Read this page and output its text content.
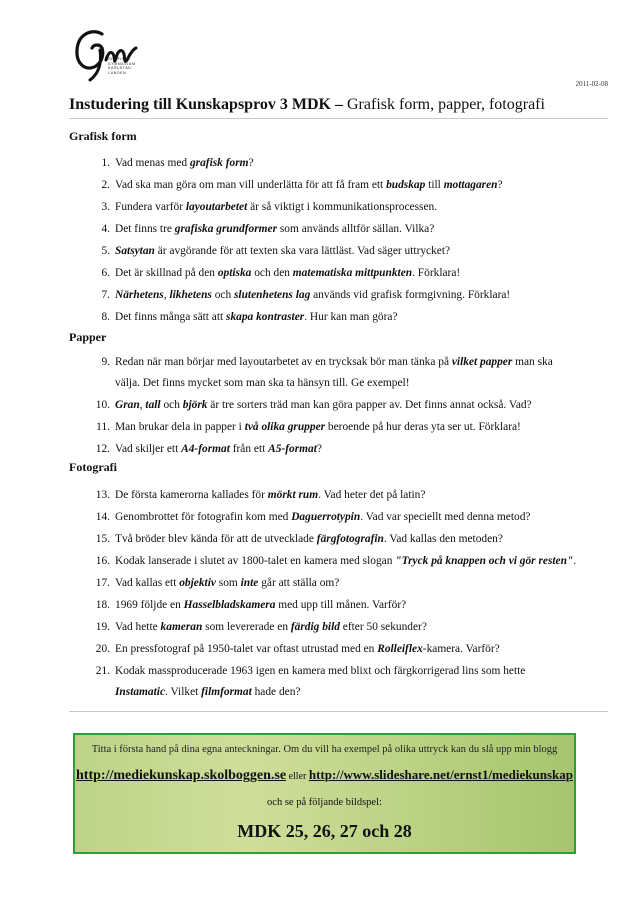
GRAFISKT
GYMNASIUM
KARLSTAD
LUNDEN
2011-02-08
Instudering till Kunskapsprov 3 MDK – Grafisk form, papper, fotografi
Grafisk form
Papper
Fotografi
1. Vad menas med grafisk form?
2. Vad ska man göra om man vill underlätta för att få fram ett budskap till mottagaren?
3. Fundera varför layoutarbetet är så viktigt i kommunikationsprocessen.
4. Det finns tre grafiska grundformer som används alltför sällan. Vilka?
5. Satsytan är avgörande för att texten ska vara lättläst. Vad säger uttrycket?
6. Det är skillnad på den optiska och den matematiska mittpunkten. Förklara!
7. Närhetens, likhetens och slutenhetens lag används vid grafisk formgivning. Förklara!
8. Det finns många sätt att skapa kontraster. Hur kan man göra?
9. Redan när man börjar med layoutarbetet av en trycksak bör man tänka på vilket papper man ska
välja. Det finns mycket som man ska ta hänsyn till. Ge exempel!
10. Gran, tall och björk är tre sorters träd man kan göra papper av. Det finns annat också. Vad?
11. Man brukar dela in papper i två olika grupper beroende på hur deras yta ser ut. Förklara!
12. Vad skiljer ett A4-format från ett A5-format?
13. De första kamerorna kallades för mörkt rum. Vad heter det på latin?
14. Genombrottet för fotografin kom med Daguerrotypin. Vad var speciellt med denna metod?
15. Två bröder blev kända för att de utvecklade färgfotografin. Vad kallas den metoden?
16. Kodak lanserade i slutet av 1800-talet en kamera med slogan "Tryck på knappen och vi gör resten".
17. Vad kallas ett objektiv som inte går att ställa om?
18. 1969 följde en Hasselbladskamera med upp till månen. Varför?
19. Vad hette kameran som levererade en färdig bild efter 50 sekunder?
20. En pressfotograf på 1950-talet var oftast utrustad med en Rolleiflex-kamera. Varför?
21. Kodak massproducerade 1963 igen en kamera med blixt och färgkorrigerad lins som hette
Instamatic. Vilket filmformat hade den?
Titta i första hand på dina egna anteckningar. Om du vill ha exempel på olika uttryck kan du slå upp min blogg
http://mediekunskap.skolboggen.se eller http://www.slideshare.net/ernst1/mediekunskap
och se på följande bildspel:
MDK 25, 26, 27 och 28
